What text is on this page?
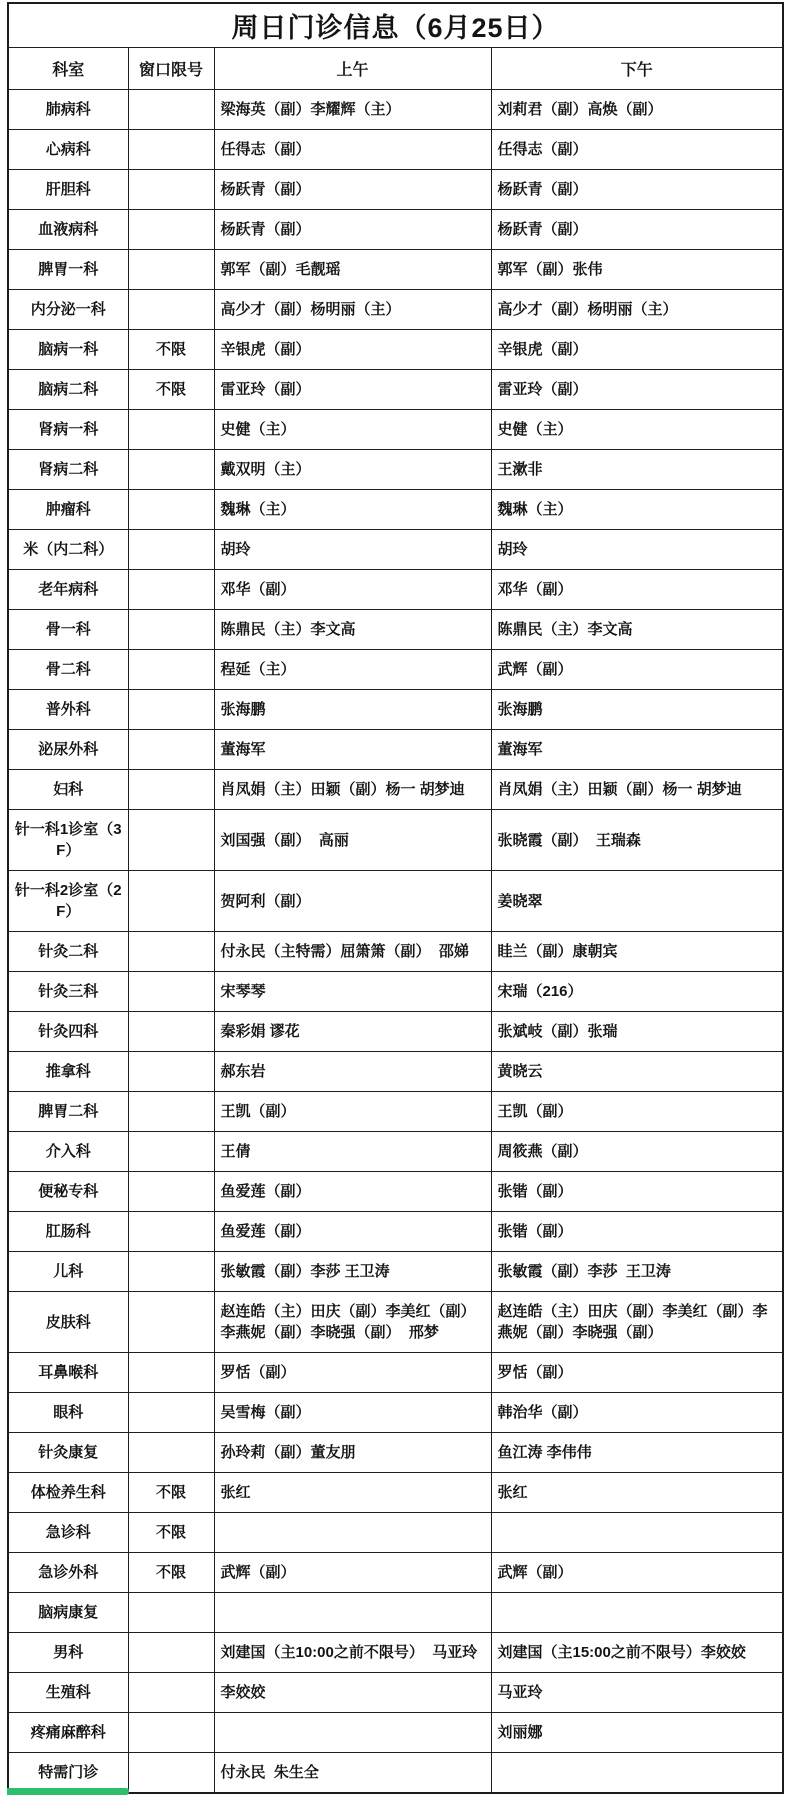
周日门诊信息（6月25日）			
科室	窗口限号	上午	下午
肺病科		梁海英（副）李耀辉（主）	刘莉君（副）高焕（副）
心病科		任得志（副）	任得志（副）
肝胆科		杨跃青（副）	杨跃青（副）
血液病科		杨跃青（副）	杨跃青（副）
脾胃一科		郭军（副）毛靓瑶	郭军（副）张伟
内分泌一科		高少才（副）杨明丽（主）	高少才（副）杨明丽（主）
脑病一科	不限	辛银虎（副）	辛银虎（副）
脑病二科	不限	雷亚玲（副）	雷亚玲（副）
肾病一科		史健（主）	史健（主）
肾病二科		戴双明（主）	王漱非
肿瘤科		魏琳（主）	魏琳（主）
米（内二科）		胡玲	胡玲
老年病科		邓华（副）	邓华（副）
骨一科		陈鼎民（主）李文高	陈鼎民（主）李文高
骨二科		程延（主）	武辉（副）
普外科		张海鹏	张海鹏
泌尿外科		董海军	董海军
妇科		肖凤娟（主）田颖（副）杨一 胡梦迪	肖凤娟（主）田颖（副）杨一 胡梦迪
针一科1诊室（3F）		刘国强（副）  高丽	张晓霞（副）  王瑞森
针一科2诊室（2F）		贺阿利（副）	姜晓翠
针灸二科		付永民（主特需）屈箫箫（副）  邵娣	眭兰（副）康朝宾
针灸三科		宋琴琴	宋瑞（216）
针灸四科		秦彩娟 谬花	张斌岐（副）张瑞
推拿科		郝东岩	黄晓云
脾胃二科		王凯（副）	王凯（副）
介入科		王倩	周筱燕（副）
便秘专科		鱼爱莲（副）	张锴（副）
肛肠科		鱼爱莲（副）	张锴（副）
儿科		张敏霞（副）李莎 王卫涛	张敏霞（副）李莎  王卫涛
皮肤科		赵连皓（主）田庆（副）李美红（副）李燕妮（副）李晓强（副）  邢梦	赵连皓（主）田庆（副）李美红（副）李燕妮（副）李晓强（副）
耳鼻喉科		罗恬（副）	罗恬（副）
眼科		吴雪梅（副）	韩治华（副）
针灸康复		孙玲莉（副）董友朋	鱼江涛 李伟伟
体检养生科	不限	张红	张红
急诊科	不限		
急诊外科	不限	武辉（副）	武辉（副）
脑病康复			
男科		刘建国（主10:00之前不限号）  马亚玲	刘建国（主15:00之前不限号）李姣姣
生殖科		李姣姣	马亚玲
疼痛麻醉科			刘丽娜
特需门诊		付永民  朱生全	
